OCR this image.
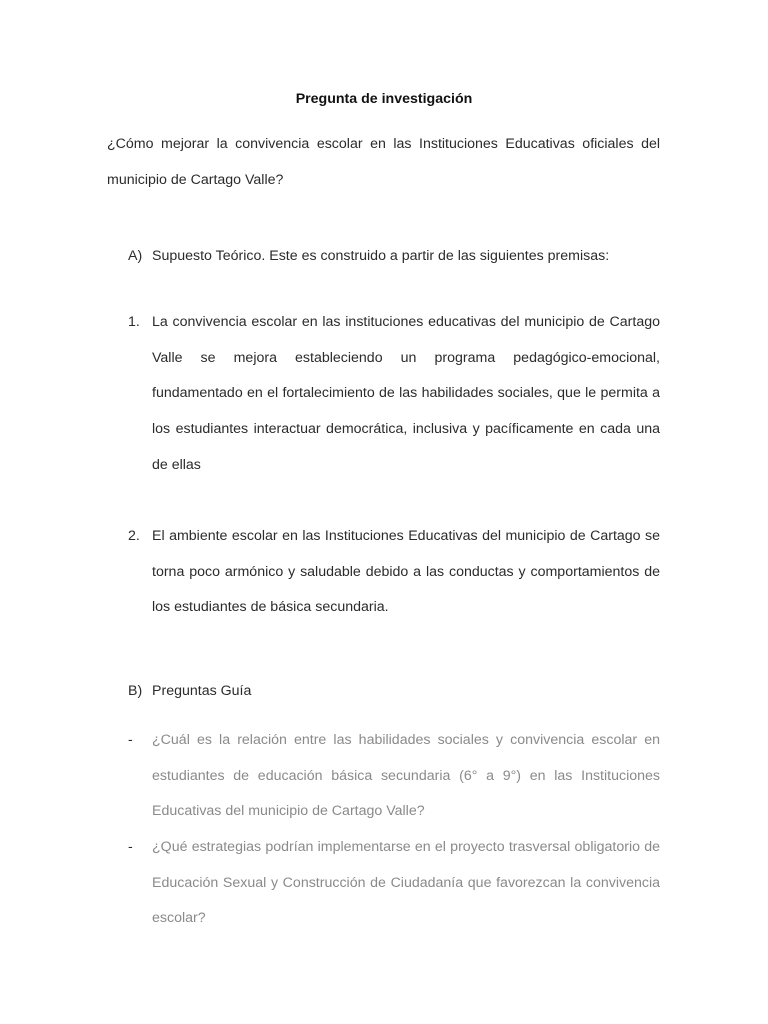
Pregunta de investigación
¿Cómo mejorar la convivencia escolar en las Instituciones Educativas oficiales del municipio de Cartago Valle?
A) Supuesto Teórico. Este es construido a partir de las siguientes premisas:
1. La convivencia escolar en las instituciones educativas del municipio de Cartago Valle se mejora estableciendo un programa pedagógico-emocional, fundamentado en el fortalecimiento de las habilidades sociales, que le permita a los estudiantes interactuar democrática, inclusiva y pacíficamente en cada una de ellas
2. El ambiente escolar en las Instituciones Educativas del municipio de Cartago se torna poco armónico y saludable debido a las conductas y comportamientos de los estudiantes de básica secundaria.
B) Preguntas Guía
- ¿Cuál es la relación entre las habilidades sociales y convivencia escolar en estudiantes de educación básica secundaria (6° a 9°) en las Instituciones Educativas del municipio de Cartago Valle?
- ¿Qué estrategias podrían implementarse en el proyecto trasversal obligatorio de Educación Sexual y Construcción de Ciudadanía que favorezcan la convivencia escolar?
